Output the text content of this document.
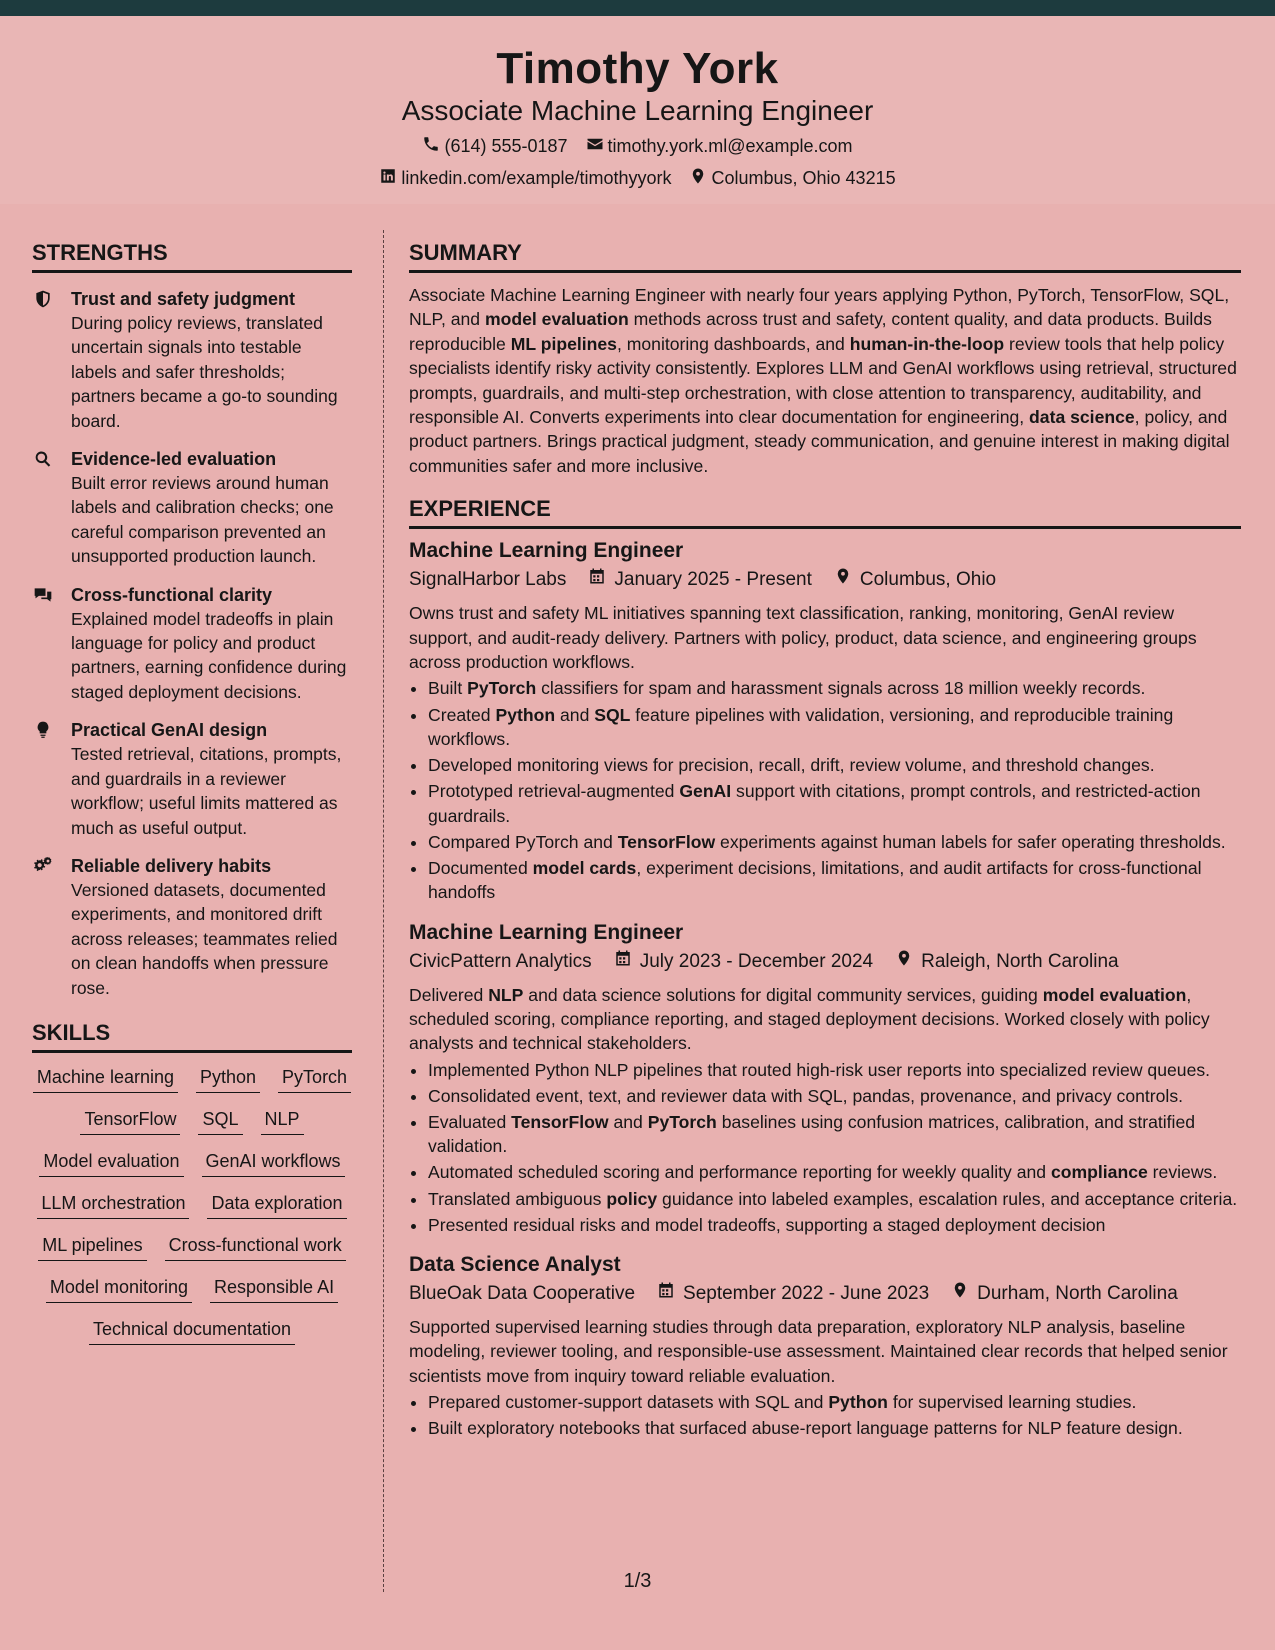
Timothy York
Associate Machine Learning Engineer
(614) 555-0187 timothy.york.ml@example.com
linkedin.com/example/timothyyork Columbus, Ohio 43215
STRENGTHS
Trust and safety judgment
During policy reviews, translated uncertain signals into testable labels and safer thresholds; partners became a go-to sounding board.
Evidence-led evaluation
Built error reviews around human labels and calibration checks; one careful comparison prevented an unsupported production launch.
Cross-functional clarity
Explained model tradeoffs in plain language for policy and product partners, earning confidence during staged deployment decisions.
Practical GenAI design
Tested retrieval, citations, prompts, and guardrails in a reviewer workflow; useful limits mattered as much as useful output.
Reliable delivery habits
Versioned datasets, documented experiments, and monitored drift across releases; teammates relied on clean handoffs when pressure rose.
SKILLS
Machine learning Python PyTorch
TensorFlow SQL NLP
Model evaluation GenAI workflows
LLM orchestration Data exploration
ML pipelines Cross-functional work
Model monitoring Responsible AI
Technical documentation
SUMMARY

Associate Machine Learning Engineer with nearly four years applying Python, PyTorch, TensorFlow, SQL, NLP, and model evaluation methods across trust and safety, content quality, and data products. Builds reproducible ML pipelines, monitoring dashboards, and human-in-the-loop review tools that help policy specialists identify risky activity consistently. Explores LLM and GenAI workflows using retrieval, structured prompts, guardrails, and multi-step orchestration, with close attention to transparency, auditability, and responsible AI. Converts experiments into clear documentation for engineering, data science, policy, and product partners. Brings practical judgment, steady communication, and genuine interest in making digital communities safer and more inclusive.

EXPERIENCE
Machine Learning Engineer
SignalHarbor Labs	January 2025 - Present	Columbus, Ohio
Owns trust and safety ML initiatives spanning text classification, ranking, monitoring, GenAI review support, and audit-ready delivery. Partners with policy, product, data science, and engineering groups across production workflows.
• Built PyTorch classifiers for spam and harassment signals across 18 million weekly records.
• Created Python and SQL feature pipelines with validation, versioning, and reproducible training workflows.
• Developed monitoring views for precision, recall, drift, review volume, and threshold changes.
• Prototyped retrieval-augmented GenAI support with citations, prompt controls, and restricted-action guardrails.
• Compared PyTorch and TensorFlow experiments against human labels for safer operating thresholds.
• Documented model cards, experiment decisions, limitations, and audit artifacts for cross-functional handoffs
Machine Learning Engineer
CivicPattern Analytics	July 2023 - December 2024	Raleigh, North Carolina
Delivered NLP and data science solutions for digital community services, guiding model evaluation, scheduled scoring, compliance reporting, and staged deployment decisions. Worked closely with policy analysts and technical stakeholders.
• Implemented Python NLP pipelines that routed high-risk user reports into specialized review queues.
• Consolidated event, text, and reviewer data with SQL, pandas, provenance, and privacy controls.
• Evaluated TensorFlow and PyTorch baselines using confusion matrices, calibration, and stratified validation.
• Automated scheduled scoring and performance reporting for weekly quality and compliance reviews.
• Translated ambiguous policy guidance into labeled examples, escalation rules, and acceptance criteria.
• Presented residual risks and model tradeoffs, supporting a staged deployment decision
Data Science Analyst
BlueOak Data Cooperative	September 2022 - June 2023	Durham, North Carolina
Supported supervised learning studies through data preparation, exploratory NLP analysis, baseline modeling, reviewer tooling, and responsible-use assessment. Maintained clear records that helped senior scientists move from inquiry toward reliable evaluation.
• Prepared customer-support datasets with SQL and Python for supervised learning studies.
• Built exploratory notebooks that surfaced abuse-report language patterns for NLP feature design.
1/3
